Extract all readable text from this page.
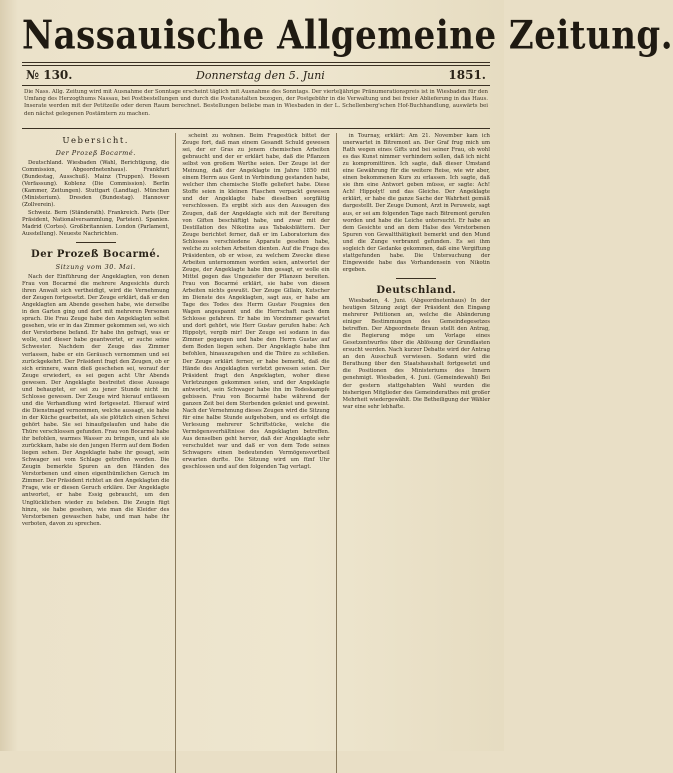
Nassauische Allgemeine Zeitung.
№ 130.	Donnerstag den 5. Juni	1851.
Die Nass. Allg. Zeitung wird mit Ausnahme der Sonntage erscheint täglich mit Ausnahme des Sonntags. Der vierteljährige Pränumerationspreis ist in Wiesbaden für den Umfang des Herzogthums Nassau, bei Postbestellungen und durch die Postanstalten bezogen, der Postgebühr in die Verwaltung und bei freier Ablieferung in das Haus. Inserate werden mit der Petitzeile oder deren Raum berechnet. Bestellungen beliebe man in Wiesbaden in der L. Schellenberg'schen Hof-Buchhandlung, auswärts bei den nächst gelegenen Postämtern zu machen.
Uebersicht.
Der Prozeß Bocarmé.

Deutschland. Wiesbaden (Wahl, Berichtigung, die Commission, Abgeordnetenhaus). Frankfurt (Bundestag, Ausschuß). Mainz (Truppen). Hessen (Verfassung). Koblenz (Die Commission). Berlin (Kammer, Zeitungen). Stuttgart (Landtag). München (Ministerium). Dresden (Bundestag). Hannover (Zollverein).

Schweiz. Bern (Ständerath). Frankreich. Paris (Der Präsident, Nationalversammlung, Parteien). Spanien. Madrid (Cortes). Großbritannien. London (Parlament, Ausstellung). Neueste Nachrichten.

Der Prozeß Bocarmé.
Sitzung vom 30. Mai.

Nach der Einführung der Angeklagten, von denen Frau von Bocarmé die mehrere Angesichts durch ihren Anwalt sich vertheidigt, wird die Vernehmung der Zeugen fortgesetzt. Der Zeuge erklärt, daß er den Angeklagten am Abende gesehen habe, wie derselbe in den Garten ging und dort mit mehreren Personen sprach. Die Frau Zeuge habe den Angeklagten selbst gesehen, wie er in das Zimmer gekommen sei, wo sich der Verstorbene befand. Er habe ihn gefragt, was er wolle, und dieser habe geantwortet, er suche seine Schwester. Nachdem der Zeuge das Zimmer verlassen, habe er ein Geräusch vernommen und sei zurückgekehrt. Der Präsident fragt den Zeugen, ob er sich erinnere, wann dieß geschehen sei, worauf der Zeuge erwiedert, es sei gegen acht Uhr Abends gewesen. Der Angeklagte bestreitet diese Aussage und behauptet, er sei zu jener Stunde nicht im Schlosse gewesen. Der Zeuge wird hierauf entlassen und die Verhandlung wird fortgesetzt. Hierauf wird die Dienstmagd vernommen, welche aussagt, sie habe in der Küche gearbeitet, als sie plötzlich einen Schrei gehört habe. Sie sei hinaufgelaufen und habe die Thüre verschlossen gefunden. Frau von Bocarmé habe ihr befohlen, warmes Wasser zu bringen, und als sie zurückkam, habe sie den jungen Herrn auf dem Boden liegen sehen. Der Angeklagte habe ihr gesagt, sein Schwager sei vom Schlage getroffen worden. Die Zeugin bemerkte Spuren an den Händen des Verstorbenen und einen eigenthümlichen Geruch im Zimmer. Der Präsident richtet an den Angeklagten die Frage, wie er diesen Geruch erkläre. Der Angeklagte antwortet, er habe Essig gebraucht, um den Unglücklichen wieder zu beleben. Die Zeugin fügt hinzu, sie habe gesehen, wie man die Kleider des Verstorbenen gewaschen habe, und man habe ihr verboten, davon zu sprechen.

scheint zu wohnen. Beim Fragestück bittet der Zeuge fort, daß man einem Gesandt Schuld gewesen sei, der er Gras zu jenem chemischen Arbeiten gebraucht und der er erklärt habe, daß die Pflanzen selbst von großem Werthe seien. Der Zeuge ist der Meinung, daß der Angeklagte im Jahre 1850 mit einem Herrn aus Gent in Verbindung gestanden habe, welcher ihm chemische Stoffe geliefert habe. Diese Stoffe seien in kleinen Flaschen verpackt gewesen und der Angeklagte habe dieselben sorgfältig verschlossen. Es ergibt sich aus den Aussagen des Zeugen, daß der Angeklagte sich mit der Bereitung von Giften beschäftigt habe, und zwar mit der Destillation des Nikotins aus Tabaksblättern. Der Zeuge berichtet ferner, daß er im Laboratorium des Schlosses verschiedene Apparate gesehen habe, welche zu solchen Arbeiten dienten. Auf die Frage des Präsidenten, ob er wisse, zu welchem Zwecke diese Arbeiten unternommen worden seien, antwortet der Zeuge, der Angeklagte habe ihm gesagt, er wolle ein Mittel gegen das Ungeziefer der Pflanzen bereiten. Frau von Bocarmé erklärt, sie habe von diesen Arbeiten nichts gewußt. Der Zeuge Gillain, Kutscher im Dienste des Angeklagten, sagt aus, er habe am Tage des Todes des Herrn Gustav Fougnies den Wagen angespannt und die Herrschaft nach dem Schlosse gefahren. Er habe im Vorzimmer gewartet und dort gehört, wie Herr Gustav gerufen habe: Ach Hippolyt, vergib mir! Der Zeuge sei sodann in das Zimmer gegangen und habe den Herrn Gustav auf dem Boden liegen sehen. Der Angeklagte habe ihm befohlen, hinauszugehen und die Thüre zu schließen. Der Zeuge erklärt ferner, er habe bemerkt, daß die Hände des Angeklagten verletzt gewesen seien. Der Präsident fragt den Angeklagten, woher diese Verletzungen gekommen seien, und der Angeklagte antwortet, sein Schwager habe ihn im Todeskampfe gebissen. Frau von Bocarmé habe während der ganzen Zeit bei dem Sterbenden gekniet und geweint. Nach der Vernehmung dieses Zeugen wird die Sitzung für eine halbe Stunde aufgehoben, und es erfolgt die Verlesung mehrerer Schriftstücke, welche die Vermögensverhältnisse des Angeklagten betreffen. Aus denselben geht hervor, daß der Angeklagte sehr verschuldet war und daß er von dem Tode seines Schwagers einen bedeutenden Vermögensvortheil erwarten durfte. Die Sitzung wird um fünf Uhr geschlossen und auf den folgenden Tag vertagt.

in Tournay, erklärt: Am 21. November kam ich unerwartet in Bitremont an. Der Graf frug mich um Rath wegen eines Gifts und bei seiner Frau, ob wohl es das Kunst nimmer verhindern sollen, daß ich nicht zu kompromittiren. Ich sagte, daß dieser Umstand eine Gewährung für die weitere Reise, wie wir aber, einen bekommenen Kurs zu erlassen. Ich sagte, daß sie ihm eine Antwort geben müsse, er sagte: Ach! Ach! Hippolyt! und das Gleiche. Der Angeklagte erklärt, er habe die ganze Sache der Wahrheit gemäß dargestellt. Der Zeuge Dumont, Arzt in Peruwelz, sagt aus, er sei am folgenden Tage nach Bitremont gerufen worden und habe die Leiche untersucht. Er habe an dem Gesichte und an dem Halse des Verstorbenen Spuren von Gewaltthätigkeit bemerkt und den Mund und die Zunge verbrannt gefunden. Es sei ihm sogleich der Gedanke gekommen, daß eine Vergiftung stattgefunden habe. Die Untersuchung der Eingeweide habe das Vorhandensein von Nikotin ergeben.

Deutschland.

Wiesbaden, 4. Juni. (Abgeordnetenhaus) In der heutigen Sitzung zeigt der Präsident den Eingang mehrerer Petitionen an, welche die Abänderung einiger Bestimmungen des Gemeindegesetzes betreffen. Der Abgeordnete Braun stellt den Antrag, die Regierung möge um Vorlage eines Gesetzentwurfes über die Ablösung der Grundlasten ersucht werden. Nach kurzer Debatte wird der Antrag an den Ausschuß verwiesen. Sodann wird die Berathung über den Staatshaushalt fortgesetzt und die Positionen des Ministeriums des Innern genehmigt. Wiesbaden, 4. Juni. (Gemeindewahl) Bei der gestern stattgehabten Wahl wurden die bisherigen Mitglieder des Gemeinderathes mit großer Mehrheit wiedergewählt. Die Betheiligung der Wähler war eine sehr lebhafte.
